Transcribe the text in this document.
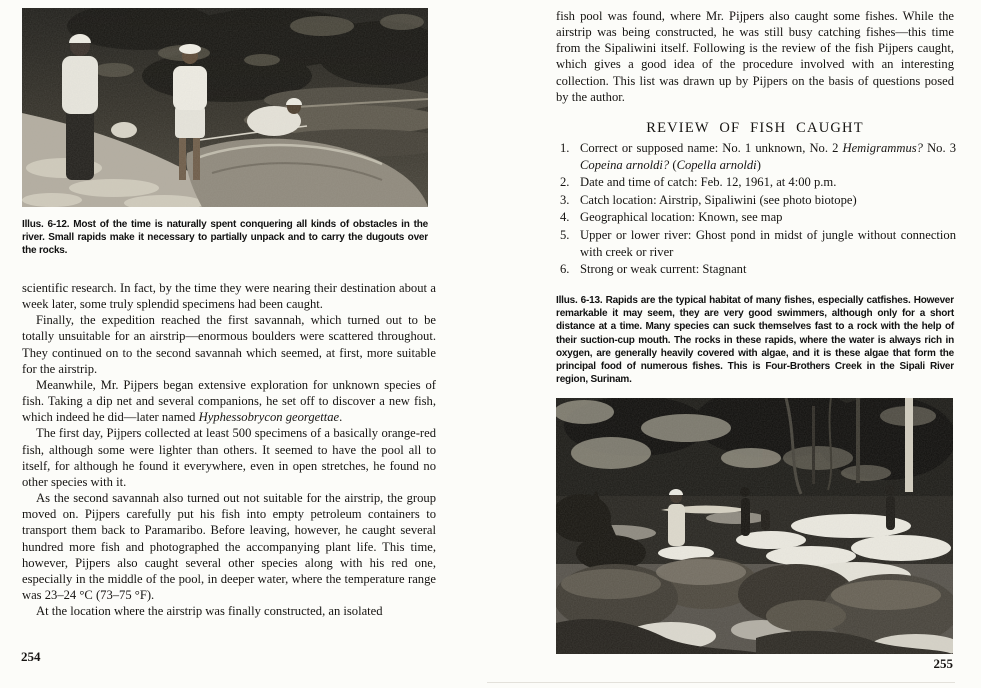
Illus. 6-12. Most of the time is naturally spent conquering all kinds of obstacles in the river. Small rapids make it necessary to partially unpack and to carry the dugouts over the rocks.

scientific research. In fact, by the time they were nearing their destination about a week later, some truly splendid specimens had been caught.

Finally, the expedition reached the first savannah, which turned out to be totally unsuitable for an airstrip—enormous boulders were scattered throughout. They continued on to the second savannah which seemed, at first, more suitable for the airstrip.

Meanwhile, Mr. Pijpers began extensive exploration for unknown species of fish. Taking a dip net and several companions, he set off to discover a new fish, which indeed he did—later named Hyphessobrycon georgettae.

The first day, Pijpers collected at least 500 specimens of a basically orange-red fish, although some were lighter than others. It seemed to have the pool all to itself, for although he found it everywhere, even in open stretches, he found no other species with it.

As the second savannah also turned out not suitable for the airstrip, the group moved on. Pijpers carefully put his fish into empty petroleum containers to transport them back to Paramaribo. Before leaving, however, he caught several hundred more fish and photographed the accompanying plant life. This time, however, Pijpers also caught several other species along with his red one, especially in the middle of the pool, in deeper water, where the temperature range was 23–24 °C (73–75 °F).

At the location where the airstrip was finally constructed, an isolated

254

fish pool was found, where Mr. Pijpers also caught some fishes. While the airstrip was being constructed, he was still busy catching fishes—this time from the Sipaliwini itself. Following is the review of the fish Pijpers caught, which gives a good idea of the procedure involved with an interesting collection. This list was drawn up by Pijpers on the basis of questions posed by the author.

REVIEW OF FISH CAUGHT
1. Correct or supposed name: No. 1 unknown, No. 2 Hemigrammus? No. 3 Copeina arnoldi? (Copella arnoldi)
2. Date and time of catch: Feb. 12, 1961, at 4:00 p.m.
3. Catch location: Airstrip, Sipaliwini (see photo biotope)
4. Geographical location: Known, see map
5. Upper or lower river: Ghost pond in midst of jungle without connection with creek or river
6. Strong or weak current: Stagnant

Illus. 6-13. Rapids are the typical habitat of many fishes, especially catfishes. However remarkable it may seem, they are very good swimmers, although only for a short distance at a time. Many species can suck themselves fast to a rock with the help of their suction-cup mouth. The rocks in these rapids, where the water is always rich in oxygen, are generally heavily covered with algae, and it is these algae that form the principal food of numerous fishes. This is Four-Brothers Creek in the Sipali River region, Surinam.

255
